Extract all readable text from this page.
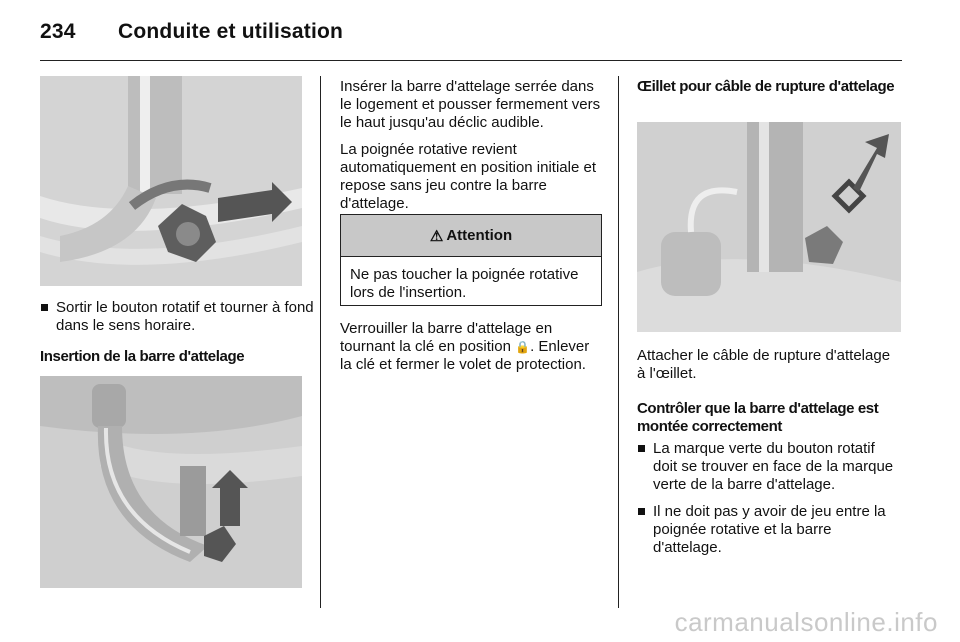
234 Conduite et utilisation
Sortir le bouton rotatif et tourner à fond dans le sens horaire.
Insertion de la barre d'attelage

Insérer la barre d'attelage serrée dans le logement et pousser fermement vers le haut jusqu'au déclic audible.

La poignée rotative revient automatiquement en position initiale et repose sans jeu contre la barre d'attelage.

⚠ Attention
Ne pas toucher la poignée rotative lors de l'insertion.
Verrouiller la barre d'attelage en tournant la clé en position 🔒. Enlever la clé et fermer le volet de protection.
Œillet pour câble de rupture d'attelage

Attacher le câble de rupture d'attelage à l'œillet.

Contrôler que la barre d'attelage est montée correctement

La marque verte du bouton rotatif doit se trouver en face de la marque verte de la barre d'attelage.
Il ne doit pas y avoir de jeu entre la poignée rotative et la barre d'attelage.
carmanualsonline.info
